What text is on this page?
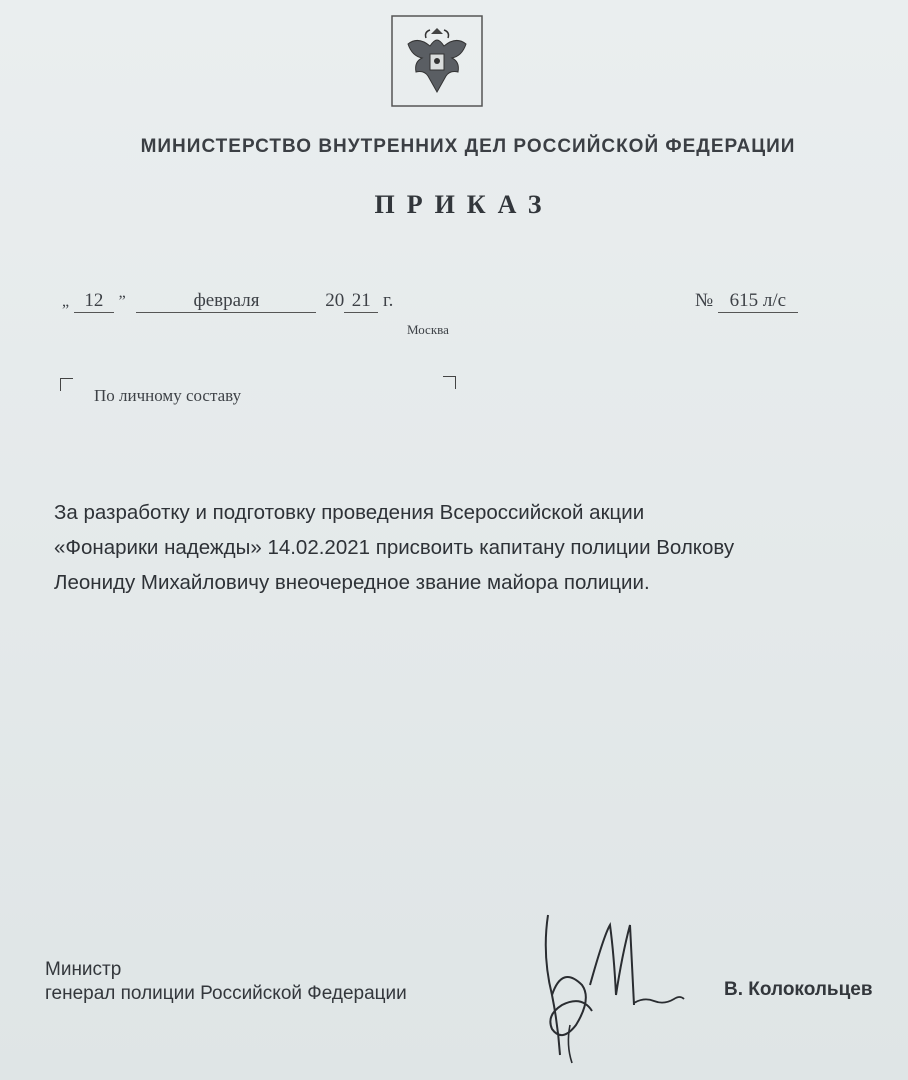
МИНИСТЕРСТВО ВНУТРЕННИХ ДЕЛ РОССИЙСКОЙ ФЕДЕРАЦИИ
ПРИКАЗ
„ 12 ”	февраля	20 21 г.	№ 615 л/с
Москва
По личному составу
За разработку и подготовку проведения Всероссийской акции
«Фонарики надежды» 14.02.2021 присвоить капитану полиции Волкову
Леониду Михайловичу внеочередное звание майора полиции.
Министр
генерал полиции Российской Федерации	В. Колокольцев
